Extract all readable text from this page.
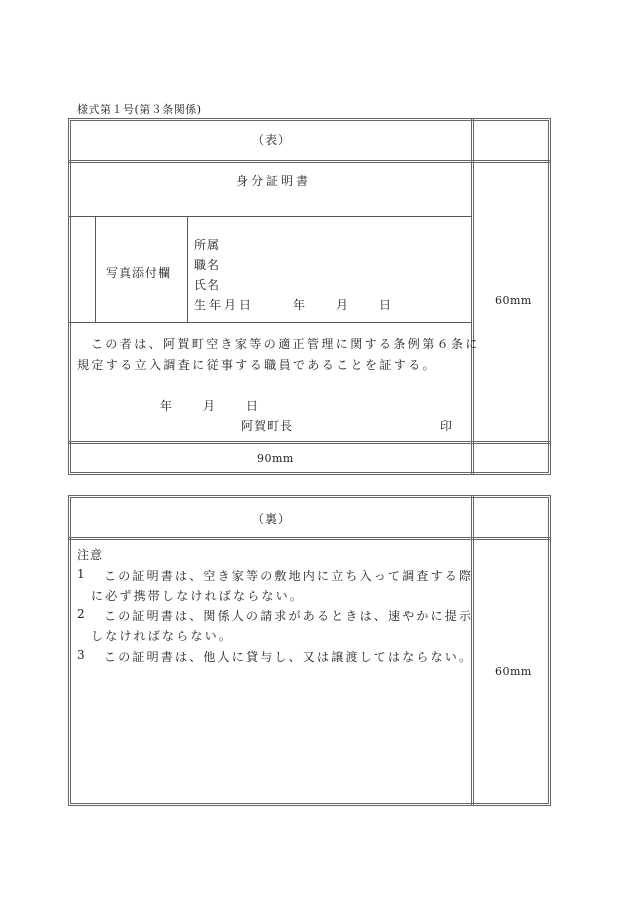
様式第１号(第３条関係)
（表）
身分証明書
写真添付欄
所属
職名
氏名
生年月日	年 月 日
この者は、阿賀町空き家等の適正管理に関する条例第６条に
規定する立入調査に従事する職員であることを証する。
年 月 日
阿賀町長	印
60mm
90mm
（裏）
注意
1 この証明書は、空き家等の敷地内に立ち入って調査する際
に必ず携帯しなければならない。
2 この証明書は、関係人の請求があるときは、速やかに提示
しなければならない。
3 この証明書は、他人に貸与し、又は譲渡してはならない。
60mm
